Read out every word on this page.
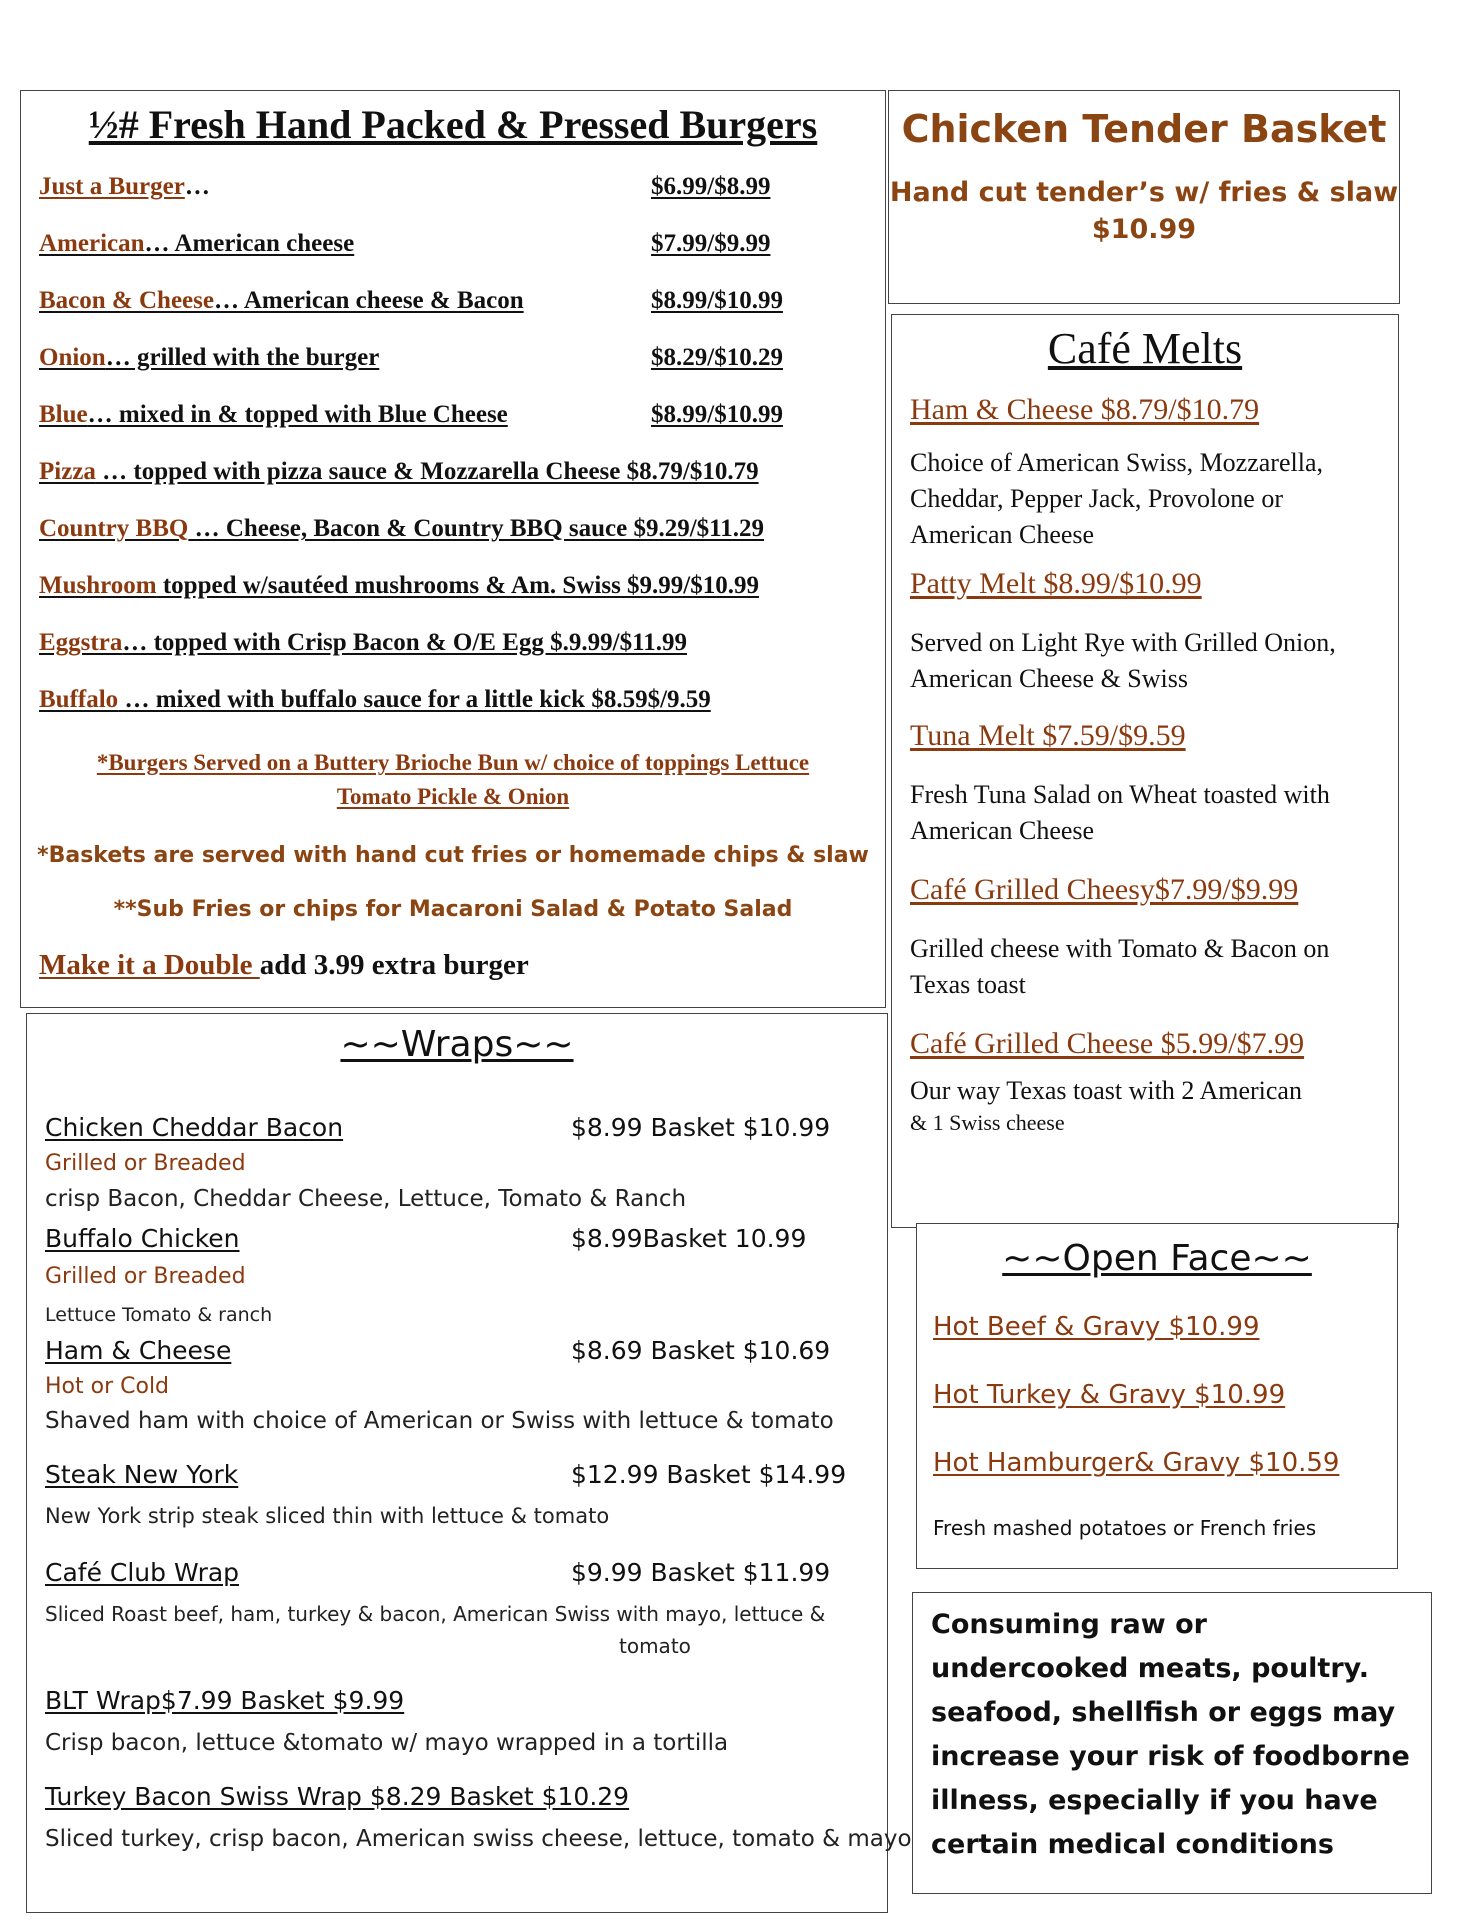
½# Fresh Hand Packed & Pressed Burgers
Just a Burger…	$6.99/$8.99
American… American cheese	$7.99/$9.99
Bacon & Cheese… American cheese & Bacon	$8.99/$10.99
Onion… grilled with the burger	$8.29/$10.29
Blue… mixed in & topped with Blue Cheese	$8.99/$10.99
Pizza … topped with pizza sauce & Mozzarella Cheese $8.79/$10.79
Country BBQ … Cheese, Bacon & Country BBQ sauce $9.29/$11.29
Mushroom topped w/sautéed mushrooms & Am. Swiss $9.99/$10.99
Eggstra… topped with Crisp Bacon & O/E Egg $.9.99/$11.99
Buffalo … mixed with buffalo sauce for a little kick $8.59$/9.59
*Burgers Served on a Buttery Brioche Bun w/ choice of toppings Lettuce
Tomato Pickle & Onion
*Baskets are served with hand cut fries or homemade chips & slaw
**Sub Fries or chips for Macaroni Salad & Potato Salad
Make it a Double add 3.99 extra burger
Chicken Tender Basket
Hand cut tender’s w/ fries & slaw
$10.99
Café Melts
Ham & Cheese $8.79/$10.79
Choice of American Swiss, Mozzarella, Cheddar, Pepper Jack, Provolone or American Cheese
Patty Melt $8.99/$10.99
Served on Light Rye with Grilled Onion, American Cheese & Swiss
Tuna Melt $7.59/$9.59
Fresh Tuna Salad on Wheat toasted with American Cheese
Café Grilled Cheesy$7.99/$9.99
Grilled cheese with Tomato & Bacon on Texas toast
Café Grilled Cheese $5.99/$7.99
Our way Texas toast with 2 American
& 1 Swiss cheese
~~Wraps~~
Chicken Cheddar Bacon	$8.99 Basket $10.99
Grilled or Breaded
crisp Bacon, Cheddar Cheese, Lettuce, Tomato & Ranch
Buffalo Chicken	$8.99Basket 10.99
Grilled or Breaded
Lettuce Tomato & ranch
Ham & Cheese	$8.69 Basket $10.69
Hot or Cold
Shaved ham with choice of American or Swiss with lettuce & tomato
Steak New York	$12.99 Basket $14.99
New York strip steak sliced thin with lettuce & tomato
Café Club Wrap	$9.99 Basket $11.99
Sliced Roast beef, ham, turkey & bacon, American Swiss with mayo, lettuce &
tomato
BLT Wrap$7.99 Basket $9.99
Crisp bacon, lettuce &tomato w/ mayo wrapped in a tortilla
Turkey Bacon Swiss Wrap $8.29 Basket $10.29
Sliced turkey, crisp bacon, American swiss cheese, lettuce, tomato & mayo
~~Open Face~~
Hot Beef & Gravy $10.99
Hot Turkey & Gravy $10.99
Hot Hamburger& Gravy $10.59
Fresh mashed potatoes or French fries
Consuming raw or undercooked meats, poultry. seafood, shellfish or eggs may increase your risk of foodborne illness, especially if you have certain medical conditions
